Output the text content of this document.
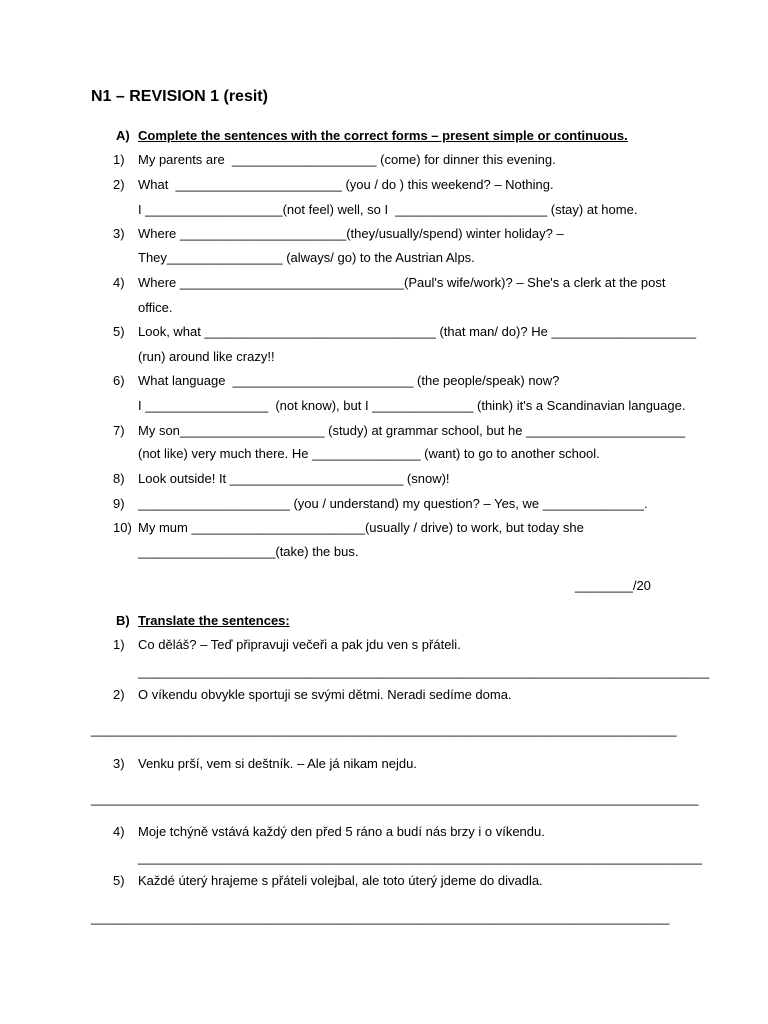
N1 – REVISION 1 (resit)
A) Complete the sentences with the correct forms – present simple or continuous.
1) My parents are  ____________________ (come) for dinner this evening.
2) What  _______________________ (you / do ) this weekend? – Nothing.
I ___________________(not feel) well, so I  _____________________ (stay) at home.
3) Where _______________________(they/usually/spend) winter holiday? –
They________________ (always/ go) to the Austrian Alps.
4) Where _______________________________(Paul's wife/work)? – She's a clerk at the post
office.
5) Look, what ________________________________ (that man/ do)? He ____________________
(run) around like crazy!!
6) What language  _________________________ (the people/speak) now?
I _________________  (not know), but I ______________ (think) it's a Scandinavian language.
7) My son____________________ (study) at grammar school, but he ______________________
(not like) very much there. He _______________ (want) to go to another school.
8) Look outside! It ________________________ (snow)!
9) _____________________ (you / understand) my question? – Yes, we ______________.
10) My mum ________________________(usually / drive) to work, but today she
___________________(take) the bus.
________/20
B) Translate the sentences:
1) Co děláš? – Teď připravuji večeři a pak jdu ven s přáteli.
_______________________________________________________________________________
2) O víkendu obvykle sportuji se svými dětmi. Neradi sedíme doma.
_________________________________________________________________________________
3) Venku prší, vem si deštník. – Ale já nikam nejdu.
____________________________________________________________________________________
4) Moje tchýně vstává každý den před 5 ráno a budí nás brzy i o víkendu.
______________________________________________________________________________
5) Každé úterý hrajeme s přáteli volejbal, ale toto úterý jdeme do divadla.
________________________________________________________________________________
